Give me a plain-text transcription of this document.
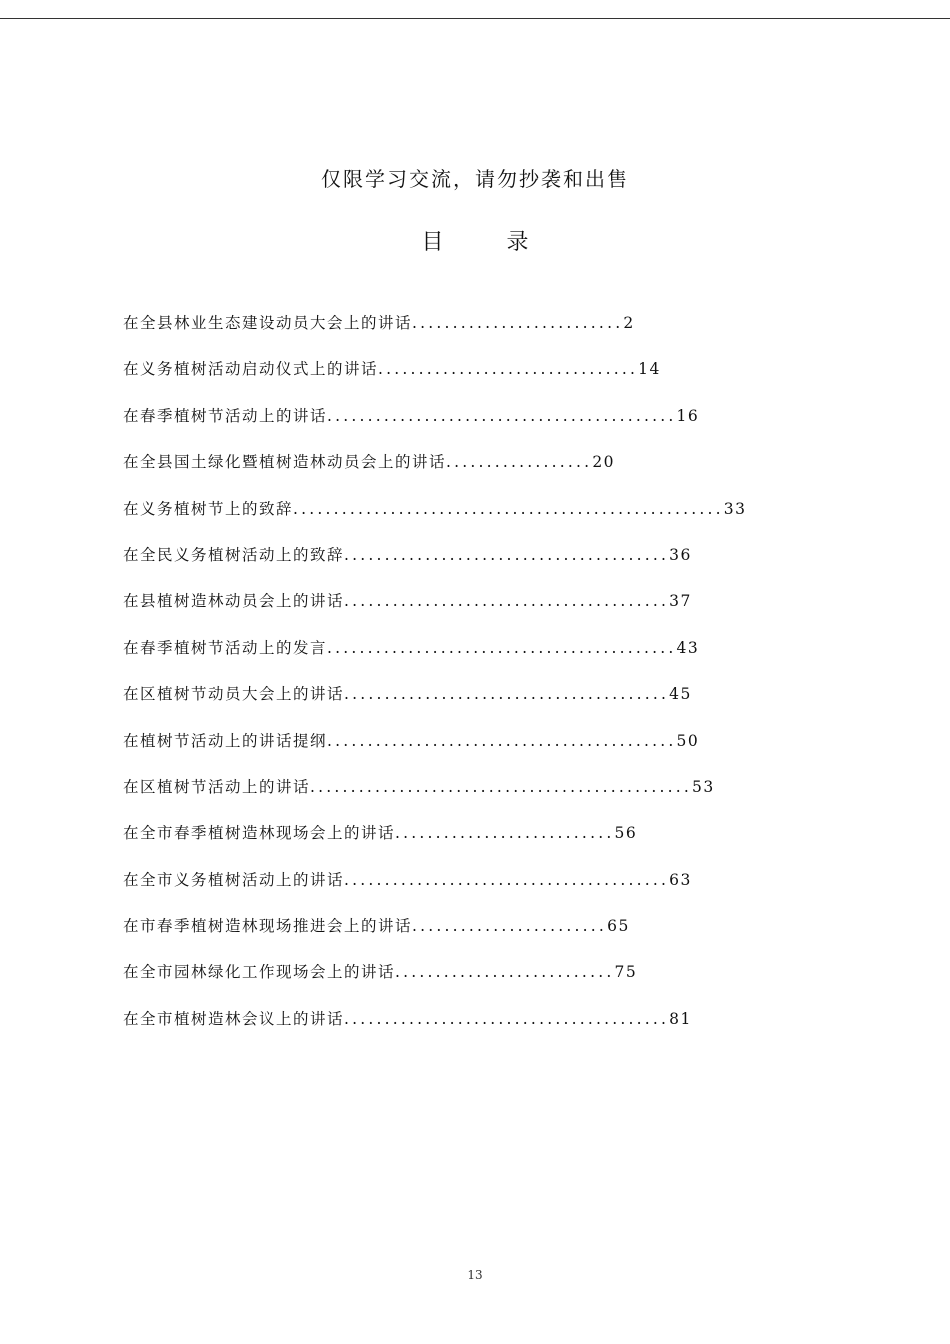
仅限学习交流，请勿抄袭和出售
目 录
在全县林业生态建设动员大会上的讲话..........................2
在义务植树活动启动仪式上的讲话................................14
在春季植树节活动上的讲话...........................................16
在全县国土绿化暨植树造林动员会上的讲话..................20
在义务植树节上的致辞.....................................................33
在全民义务植树活动上的致辞........................................36
在县植树造林动员会上的讲话........................................37
在春季植树节活动上的发言...........................................43
在区植树节动员大会上的讲话........................................45
在植树节活动上的讲话提纲...........................................50
在区植树节活动上的讲话...............................................53
在全市春季植树造林现场会上的讲话...........................56
在全市义务植树活动上的讲话........................................63
在市春季植树造林现场推进会上的讲话........................65
在全市园林绿化工作现场会上的讲话...........................75
在全市植树造林会议上的讲话........................................81
13
